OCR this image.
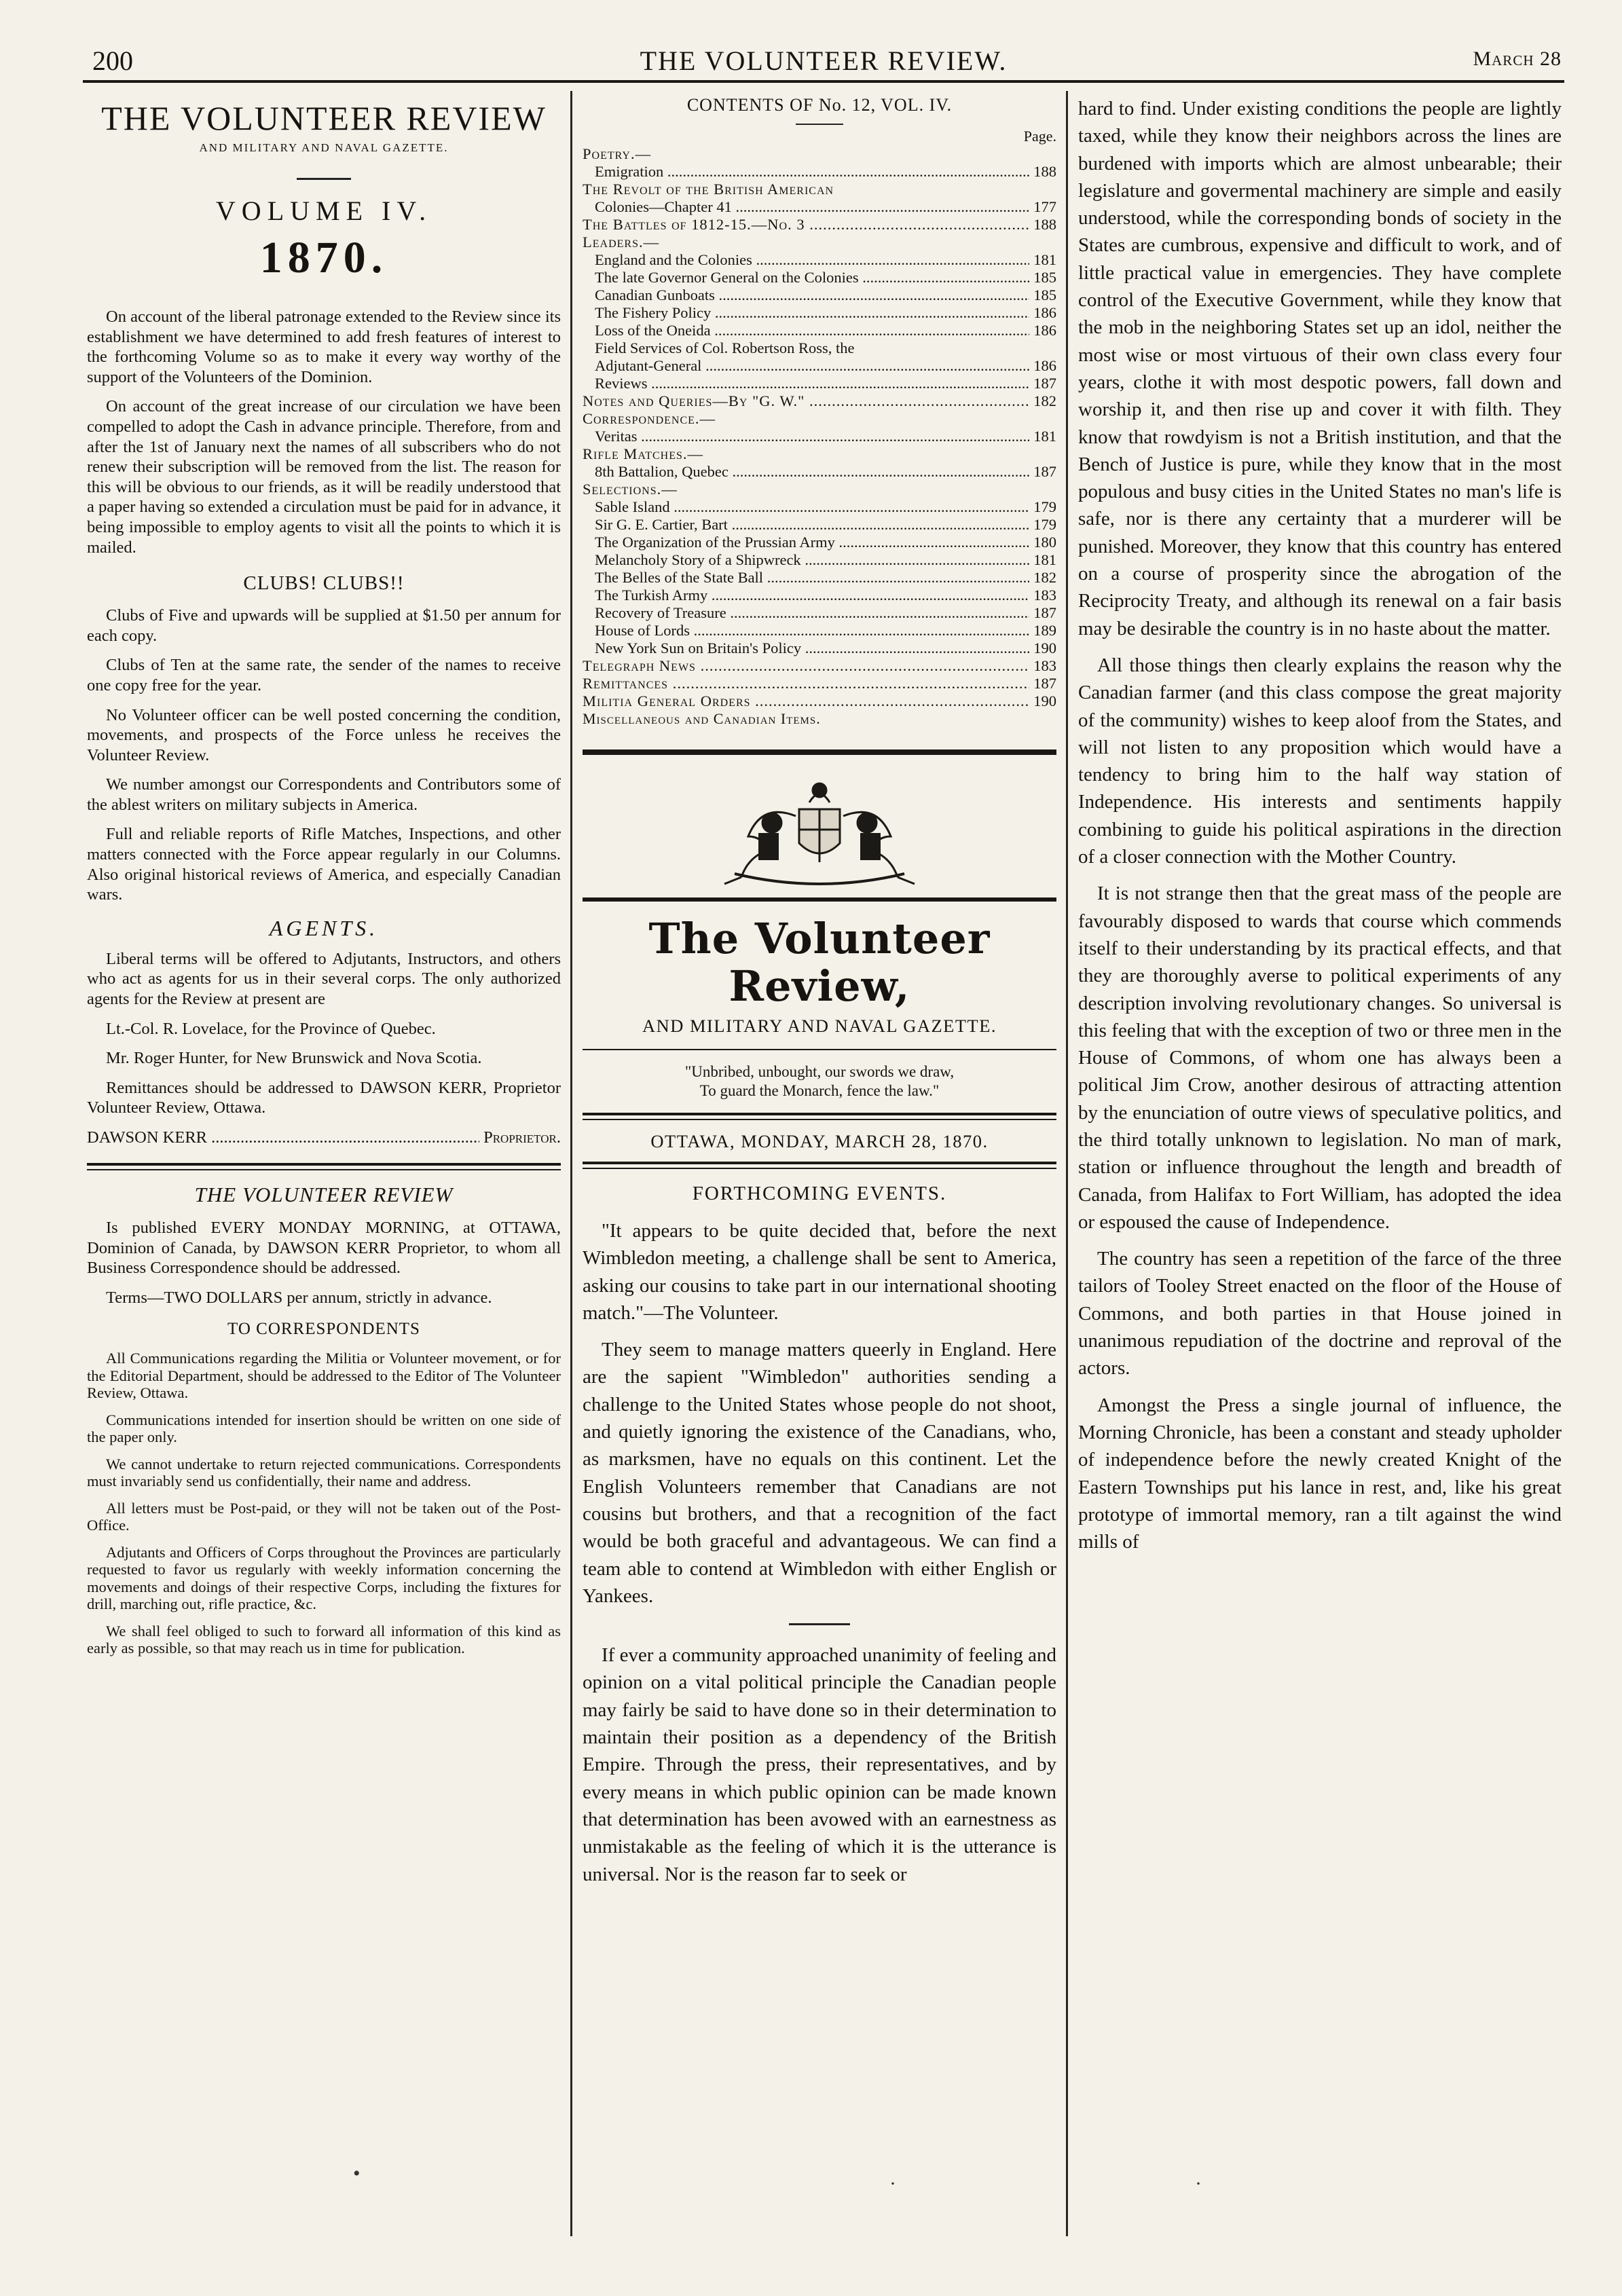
200	THE VOLUNTEER REVIEW.	March 28
THE VOLUNTEER REVIEW
AND MILITARY AND NAVAL GAZETTE.
VOLUME IV.
1870.

On account of the liberal patronage extended to the Review since its establishment we have determined to add fresh features of interest to the forthcoming Volume so as to make it every way worthy of the support of the Volunteers of the Dominion.

On account of the great increase of our circulation we have been compelled to adopt the Cash in advance principle. Therefore, from and after the 1st of January next the names of all subscribers who do not renew their subscription will be removed from the list. The reason for this will be obvious to our friends, as it will be readily understood that a paper having so extended a circulation must be paid for in advance, it being impossible to employ agents to visit all the points to which it is mailed.

CLUBS! CLUBS!!

Clubs of Five and upwards will be supplied at $1.50 per annum for each copy.

Clubs of Ten at the same rate, the sender of the names to receive one copy free for the year.

No Volunteer officer can be well posted concerning the condition, movements, and prospects of the Force unless he receives the Volunteer Review.

We number amongst our Correspondents and Contributors some of the ablest writers on military subjects in America.

Full and reliable reports of Rifle Matches, Inspections, and other matters connected with the Force appear regularly in our Columns. Also original historical reviews of America, and especially Canadian wars.

AGENTS.

Liberal terms will be offered to Adjutants, Instructors, and others who act as agents for us in their several corps. The only authorized agents for the Review at present are

Lt.-Col. R. Lovelace, for the Province of Quebec.

Mr. Roger Hunter, for New Brunswick and Nova Scotia.

Remittances should be addressed to DAWSON KERR, Proprietor Volunteer Review, Ottawa.

DAWSON KERR .....	Proprietor.
THE VOLUNTEER REVIEW

Is published EVERY MONDAY MORNING, at OTTAWA, Dominion of Canada, by DAWSON KERR Proprietor, to whom all Business Correspondence should be addressed.

Terms—TWO DOLLARS per annum, strictly in advance.

TO CORRESPONDENTS

All Communications regarding the Militia or Volunteer movement, or for the Editorial Department, should be addressed to the Editor of The Volunteer Review, Ottawa.

Communications intended for insertion should be written on one side of the paper only.

We cannot undertake to return rejected communications. Correspondents must invariably send us confidentially, their name and address.

All letters must be Post-paid, or they will not be taken out of the Post-Office.

Adjutants and Officers of Corps throughout the Provinces are particularly requested to favor us regularly with weekly information concerning the movements and doings of their respective Corps, including the fixtures for drill, marching out, rifle practice, &c.

We shall feel obliged to such to forward all information of this kind as early as possible, so that may reach us in time for publication.

CONTENTS OF No. 12, VOL. IV.
Page.
Poetry.—
Emigration .....	188
The Revolt of the British American
Colonies—Chapter 41 .....	177
The Battles of 1812-15.—No. 3 .....	188
Leaders.—
England and the Colonies .....	181
The late Governor General on the Colonies .....	185
Canadian Gunboats .....	185
The Fishery Policy .....	186
Loss of the Oneida .....	186
Field Services of Col. Robertson Ross, the
Adjutant-General .....	186
Reviews .....	187
Notes and Queries—By "G. W." .....	182
Correspondence.—
Veritas .....	181
Rifle Matches.—
8th Battalion, Quebec .....	187
Selections.—
Sable Island .....	179
Sir G. E. Cartier, Bart .....	179
The Organization of the Prussian Army .....	180
Melancholy Story of a Shipwreck .....	181
The Belles of the State Ball .....	182
The Turkish Army .....	183
Recovery of Treasure .....	187
House of Lords .....	189
New York Sun on Britain's Policy .....	190
Telegraph News .....	183
Remittances .....	187
Militia General Orders .....	190
Miscellaneous and Canadian Items.
The Volunteer Review,
AND MILITARY AND NAVAL GAZETTE.
"Unbribed, unbought, our swords we draw,
To guard the Monarch, fence the law."
OTTAWA, MONDAY, MARCH 28, 1870.
FORTHCOMING EVENTS.

"It appears to be quite decided that, before the next Wimbledon meeting, a challenge shall be sent to America, asking our cousins to take part in our international shooting match."—The Volunteer.

They seem to manage matters queerly in England. Here are the sapient "Wimbledon" authorities sending a challenge to the United States whose people do not shoot, and quietly ignoring the existence of the Canadians, who, as marksmen, have no equals on this continent. Let the English Volunteers remember that Canadians are not cousins but brothers, and that a recognition of the fact would be both graceful and advantageous. We can find a team able to contend at Wimbledon with either English or Yankees.

If ever a community approached unanimity of feeling and opinion on a vital political principle the Canadian people may fairly be said to have done so in their determination to maintain their position as a dependency of the British Empire. Through the press, their representatives, and by every means in which public opinion can be made known that determination has been avowed with an earnestness as unmistakable as the feeling of which it is the utterance is universal. Nor is the reason far to seek or

hard to find. Under existing conditions the people are lightly taxed, while they know their neighbors across the lines are burdened with imports which are almost unbearable; their legislature and govermental machinery are simple and easily understood, while the corresponding bonds of society in the States are cumbrous, expensive and difficult to work, and of little practical value in emergencies. They have complete control of the Executive Government, while they know that the mob in the neighboring States set up an idol, neither the most wise or most virtuous of their own class every four years, clothe it with most despotic powers, fall down and worship it, and then rise up and cover it with filth. They know that rowdyism is not a British institution, and that the Bench of Justice is pure, while they know that in the most populous and busy cities in the United States no man's life is safe, nor is there any certainty that a murderer will be punished. Moreover, they know that this country has entered on a course of prosperity since the abrogation of the Reciprocity Treaty, and although its renewal on a fair basis may be desirable the country is in no haste about the matter.

All those things then clearly explains the reason why the Canadian farmer (and this class compose the great majority of the community) wishes to keep aloof from the States, and will not listen to any proposition which would have a tendency to bring him to the half way station of Independence. His interests and sentiments happily combining to guide his political aspirations in the direction of a closer connection with the Mother Country.

It is not strange then that the great mass of the people are favourably disposed to wards that course which commends itself to their understanding by its practical effects, and that they are thoroughly averse to political experiments of any description involving revolutionary changes. So universal is this feeling that with the exception of two or three men in the House of Commons, of whom one has always been a political Jim Crow, another desirous of attracting attention by the enunciation of outre views of speculative politics, and the third totally unknown to legislation. No man of mark, station or influence throughout the length and breadth of Canada, from Halifax to Fort William, has adopted the idea or espoused the cause of Independence.

The country has seen a repetition of the farce of the three tailors of Tooley Street enacted on the floor of the House of Commons, and both parties in that House joined in unanimous repudiation of the doctrine and reproval of the actors.

Amongst the Press a single journal of influence, the Morning Chronicle, has been a constant and steady upholder of independence before the newly created Knight of the Eastern Townships put his lance in rest, and, like his great prototype of immortal memory, ran a tilt against the wind mills of

•	·	·
